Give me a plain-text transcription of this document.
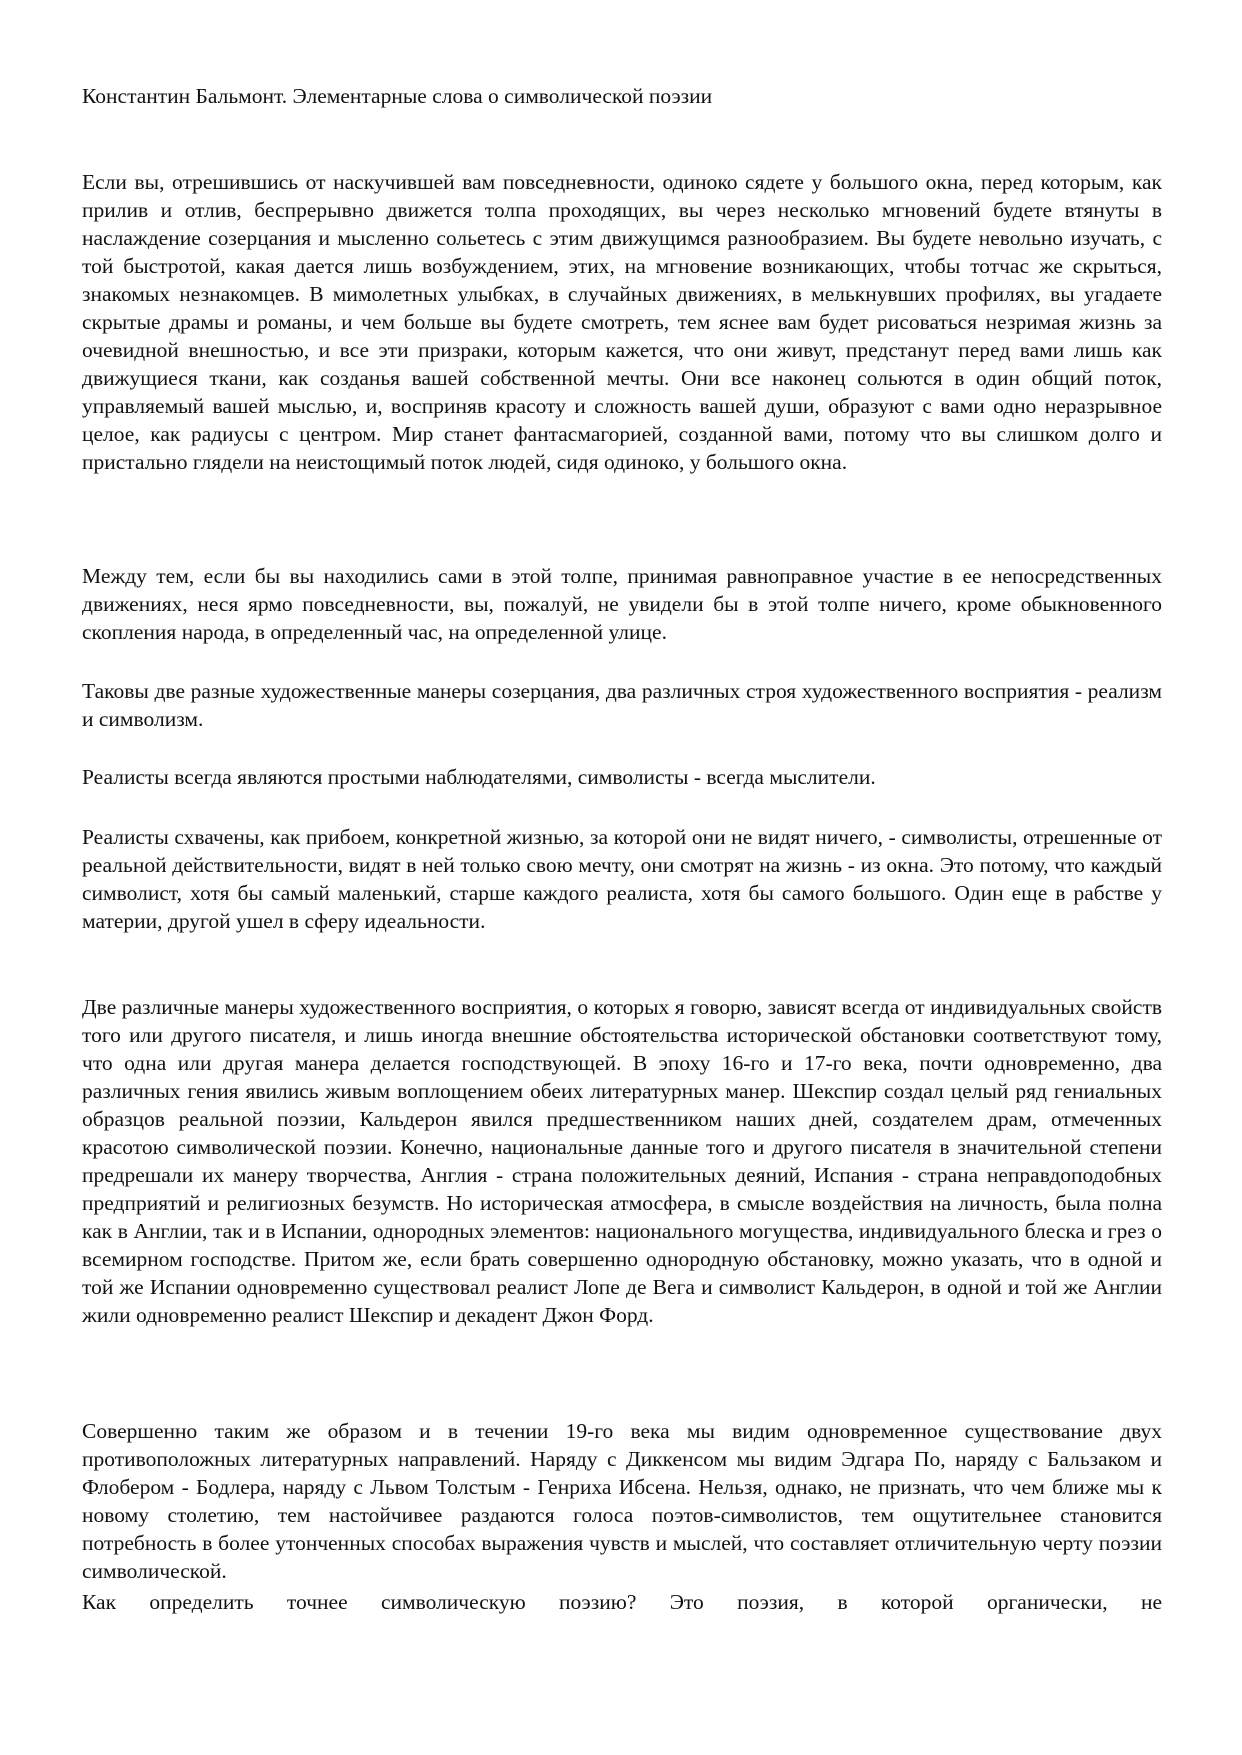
Константин Бальмонт. Элементарные слова о символической поэзии

Если вы, отрешившись от наскучившей вам повседневности, одиноко сядете у большого окна, перед которым, как прилив и отлив, беспрерывно движется толпа проходящих, вы через несколько мгновений будете втянуты в наслаждение созерцания и мысленно сольетесь с этим движущимся разнообразием. Вы будете невольно изучать, с той быстротой, какая дается лишь возбуждением, этих, на мгновение возникающих, чтобы тотчас же скрыться, знакомых незнакомцев. В мимолетных улыбках, в случайных движениях, в мелькнувших профилях, вы угадаете скрытые драмы и романы, и чем больше вы будете смотреть, тем яснее вам будет рисоваться незримая жизнь за очевидной внешностью, и все эти призраки, которым кажется, что они живут, предстанут перед вами лишь как движущиеся ткани, как созданья вашей собственной мечты. Они все наконец сольются в один общий поток, управляемый вашей мыслью, и, восприняв красоту и сложность вашей души, образуют с вами одно неразрывное целое, как радиусы с центром. Мир станет фантасмагорией, созданной вами, потому что вы слишком долго и пристально глядели на неистощимый поток людей, сидя одиноко, у большого окна.

Между тем, если бы вы находились сами в этой толпе, принимая равноправное участие в ее непосредственных движениях, неся ярмо повседневности, вы, пожалуй, не увидели бы в этой толпе ничего, кроме обыкновенного скопления народа, в определенный час, на определенной улице.

Таковы две разные художественные манеры созерцания, два различных строя художественного восприятия - реализм и символизм.

Реалисты всегда являются простыми наблюдателями, символисты - всегда мыслители.

Реалисты схвачены, как прибоем, конкретной жизнью, за которой они не видят ничего, - символисты, отрешенные от реальной действительности, видят в ней только свою мечту, они смотрят на жизнь - из окна. Это потому, что каждый символист, хотя бы самый маленький, старше каждого реалиста, хотя бы самого большого. Один еще в рабстве у материи, другой ушел в сферу идеальности.

Две различные манеры художественного восприятия, о которых я говорю, зависят всегда от индивидуальных свойств того или другого писателя, и лишь иногда внешние обстоятельства исторической обстановки соответствуют тому, что одна или другая манера делается господствующей. В эпоху 16-го и 17-го века, почти одновременно, два различных гения явились живым воплощением обеих литературных манер. Шекспир создал целый ряд гениальных образцов реальной поэзии, Кальдерон явился предшественником наших дней, создателем драм, отмеченных красотою символической поэзии. Конечно, национальные данные того и другого писателя в значительной степени предрешали их манеру творчества, Англия - страна положительных деяний, Испания - страна неправдоподобных предприятий и религиозных безумств. Но историческая атмосфера, в смысле воздействия на личность, была полна как в Англии, так и в Испании, однородных элементов: национального могущества, индивидуального блеска и грез о всемирном господстве. Притом же, если брать совершенно однородную обстановку, можно указать, что в одной и той же Испании одновременно существовал реалист Лопе де Вега и символист Кальдерон, в одной и той же Англии жили одновременно реалист Шекспир и декадент Джон Форд.

Совершенно таким же образом и в течении 19-го века мы видим одновременное существование двух противоположных литературных направлений. Наряду с Диккенсом мы видим Эдгара По, наряду с Бальзаком и Флобером - Бодлера, наряду с Львом Толстым - Генриха Ибсена. Нельзя, однако, не признать, что чем ближе мы к новому столетию, тем настойчивее раздаются голоса поэтов-символистов, тем ощутительнее становится потребность в более утонченных способах выражения чувств и мыслей, что составляет отличительную черту поэзии символической.

Как определить точнее символическую поэзию? Это поэзия, в которой органически, не
